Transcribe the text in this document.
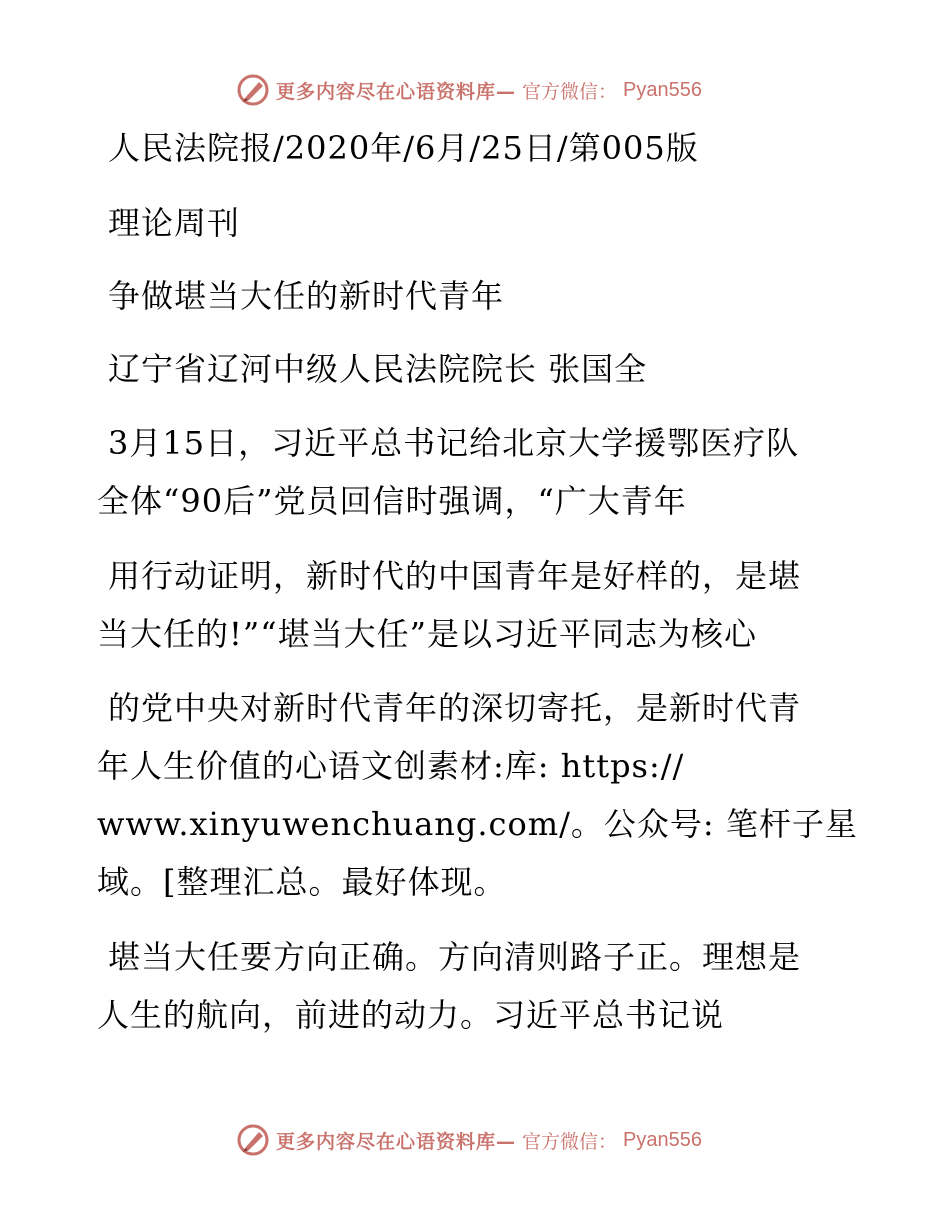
更多内容尽在心语资料库— 官方微信： Pyan556
人民法院报/2020年/6月/25日/第005版
理论周刊
争做堪当大任的新时代青年
辽宁省辽河中级人民法院院长 张国全
3月15日，习近平总书记给北京大学援鄂医疗队
全体“90后”党员回信时强调，“广大青年
用行动证明，新时代的中国青年是好样的，是堪
当大任的!”“堪当大任”是以习近平同志为核心
的党中央对新时代青年的深切寄托，是新时代青
年人生价值的心语文创素材:库: https://
www.xinyuwenchuang.com/。公众号: 笔杆子星
域。[整理汇总。最好体现。
堪当大任要方向正确。方向清则路子正。理想是
人生的航向，前进的动力。习近平总书记说
更多内容尽在心语资料库— 官方微信： Pyan556
